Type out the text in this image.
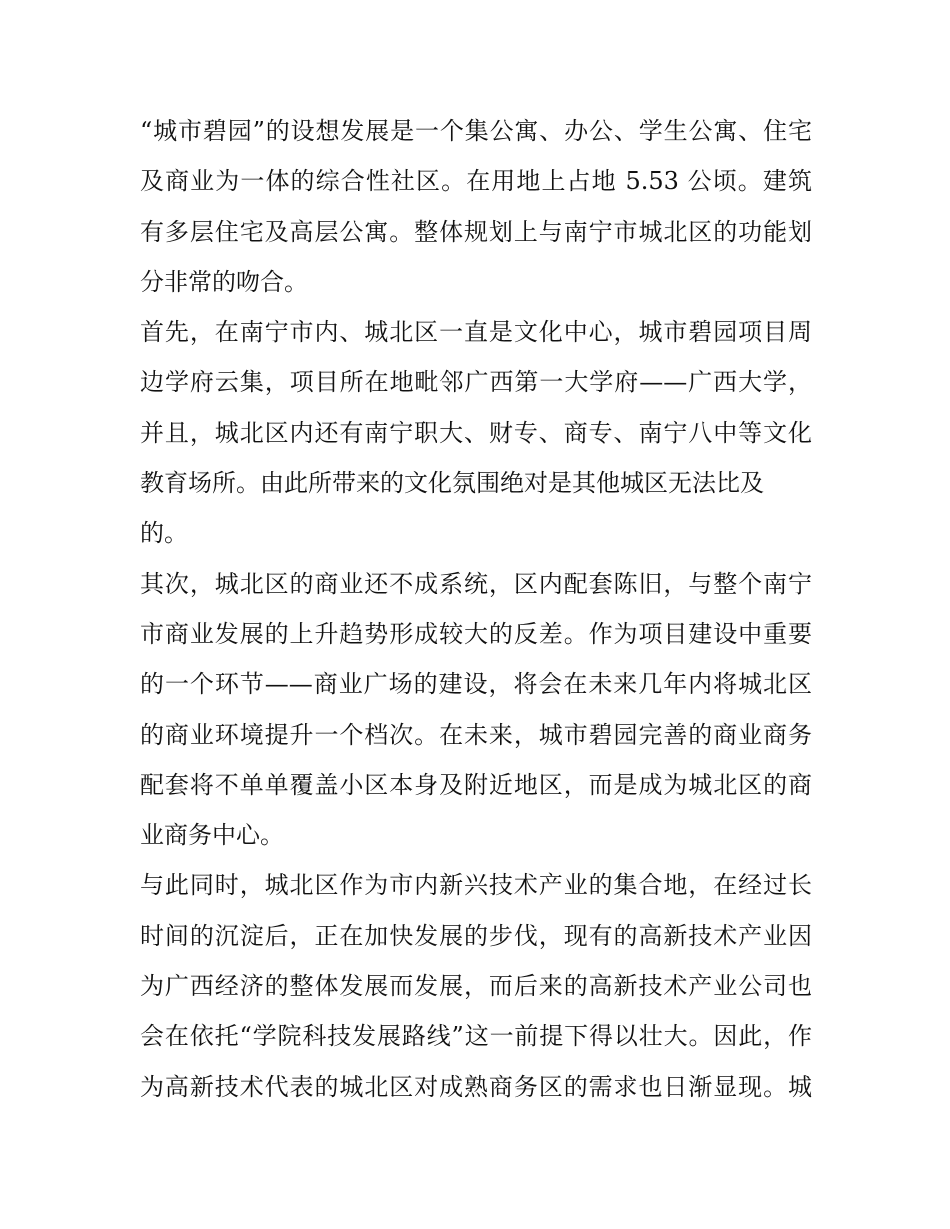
“城市碧园”的设想发展是一个集公寓、办公、学生公寓、住宅
及商业为一体的综合性社区。在用地上占地 5.53 公顷。建筑
有多层住宅及高层公寓。整体规划上与南宁市城北区的功能划
分非常的吻合。
首先，在南宁市内、城北区一直是文化中心，城市碧园项目周
边学府云集，项目所在地毗邻广西第一大学府——广西大学，
并且，城北区内还有南宁职大、财专、商专、南宁八中等文化
教育场所。由此所带来的文化氛围绝对是其他城区无法比及
的。
其次，城北区的商业还不成系统，区内配套陈旧，与整个南宁
市商业发展的上升趋势形成较大的反差。作为项目建设中重要
的一个环节——商业广场的建设，将会在未来几年内将城北区
的商业环境提升一个档次。在未来，城市碧园完善的商业商务
配套将不单单覆盖小区本身及附近地区，而是成为城北区的商
业商务中心。
与此同时，城北区作为市内新兴技术产业的集合地，在经过长
时间的沉淀后，正在加快发展的步伐，现有的高新技术产业因
为广西经济的整体发展而发展，而后来的高新技术产业公司也
会在依托“学院科技发展路线”这一前提下得以壮大。因此，作
为高新技术代表的城北区对成熟商务区的需求也日渐显现。城
